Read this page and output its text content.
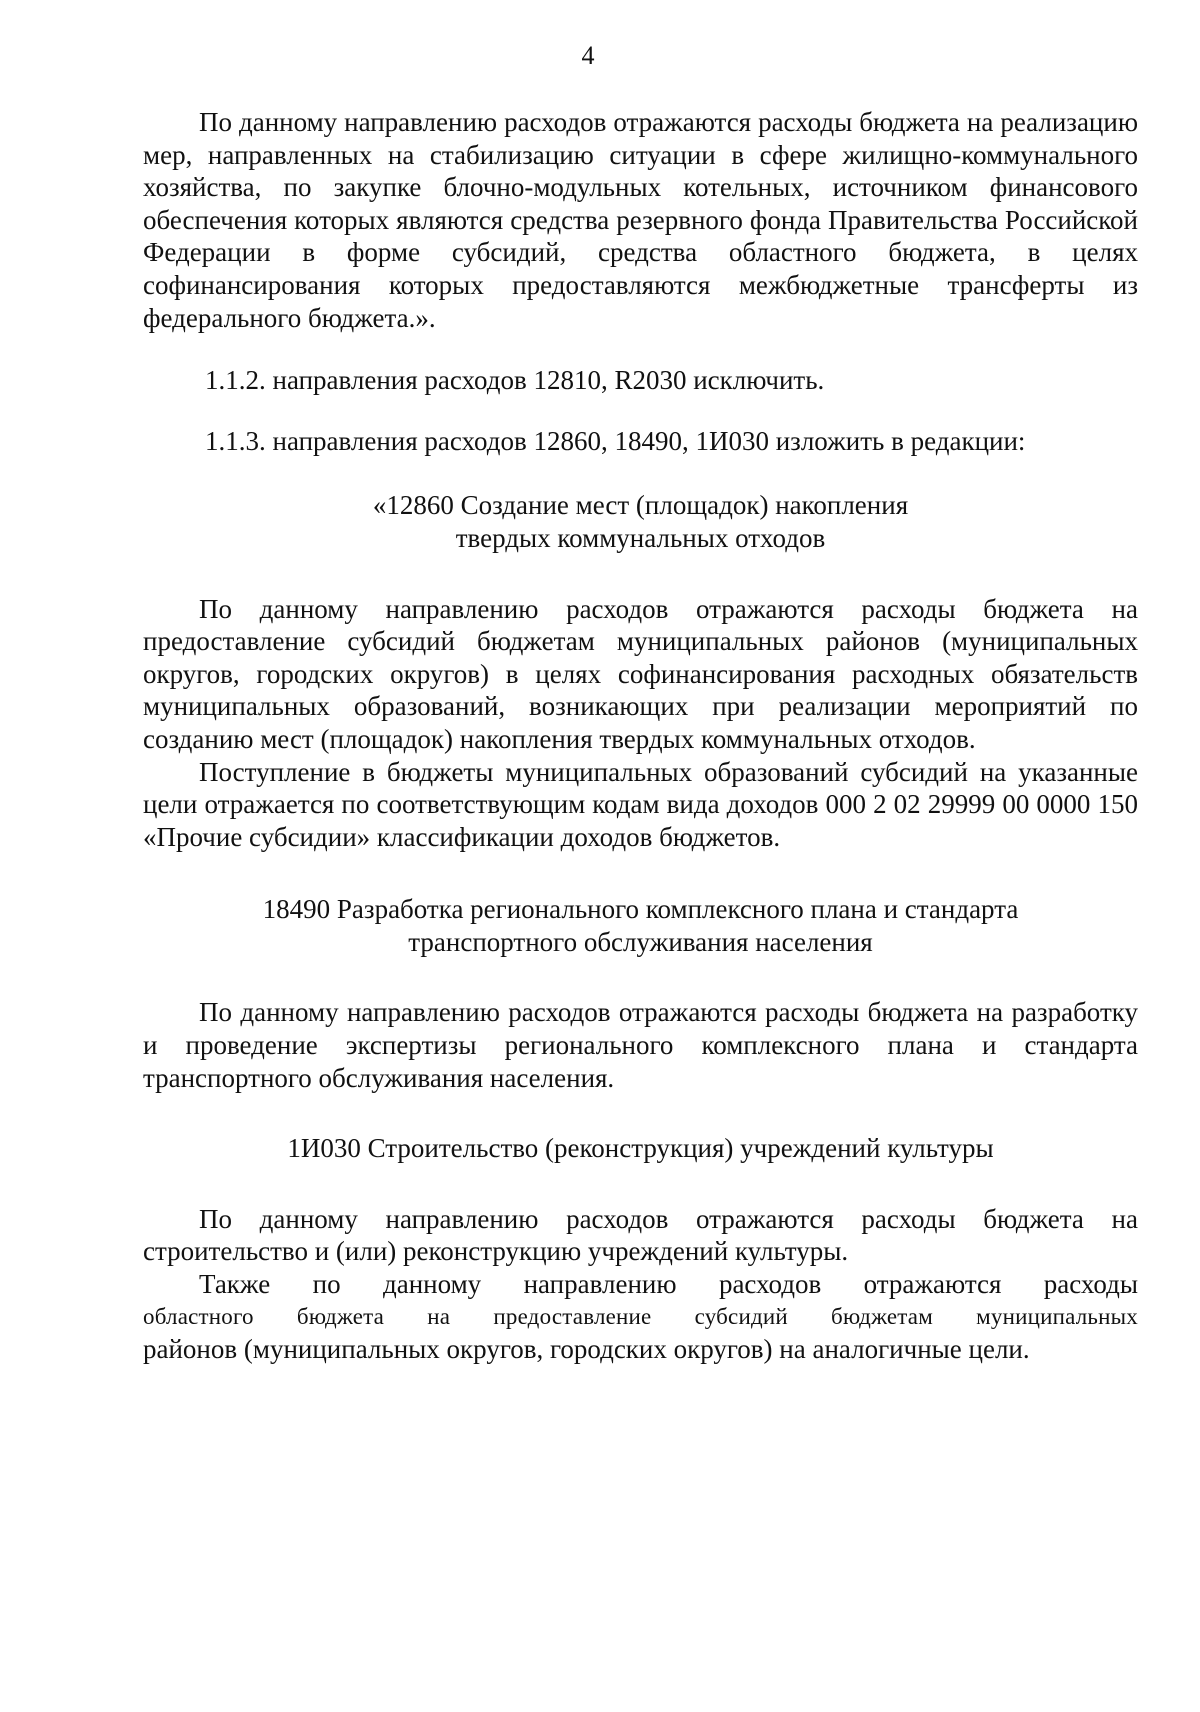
4

По данному направлению расходов отражаются расходы бюджета на реализацию мер, направленных на стабилизацию ситуации в сфере жилищно-коммунального хозяйства, по закупке блочно-модульных котельных, источником финансового обеспечения которых являются средства резервного фонда Правительства Российской Федерации в форме субсидий, средства областного бюджета, в целях софинансирования которых предоставляются межбюджетные трансферты из федерального бюджета.».

1.1.2. направления расходов 12810, R2030 исключить.

1.1.3. направления расходов 12860, 18490, 1И030 изложить в редакции:

«12860 Создание мест (площадок) накопления
твердых коммунальных отходов

По данному направлению расходов отражаются расходы бюджета на предоставление субсидий бюджетам муниципальных районов (муниципальных округов, городских округов) в целях софинансирования расходных обязательств муниципальных образований, возникающих при реализации мероприятий по созданию мест (площадок) накопления твердых коммунальных отходов.

Поступление в бюджеты муниципальных образований субсидий на указанные цели отражается по соответствующим кодам вида доходов 000 2 02 29999 00 0000 150 «Прочие субсидии» классификации доходов бюджетов.

18490 Разработка регионального комплексного плана и стандарта
транспортного обслуживания населения

По данному направлению расходов отражаются расходы бюджета на разработку и проведение экспертизы регионального комплексного плана и стандарта транспортного обслуживания населения.

1И030 Строительство (реконструкция) учреждений культуры

По данному направлению расходов отражаются расходы бюджета на строительство и (или) реконструкцию учреждений культуры.

Также по данному направлению расходов отражаются расходы

областного бюджета на предоставление субсидий бюджетам муниципальных
районов (муниципальных округов, городских округов) на аналогичные цели.
